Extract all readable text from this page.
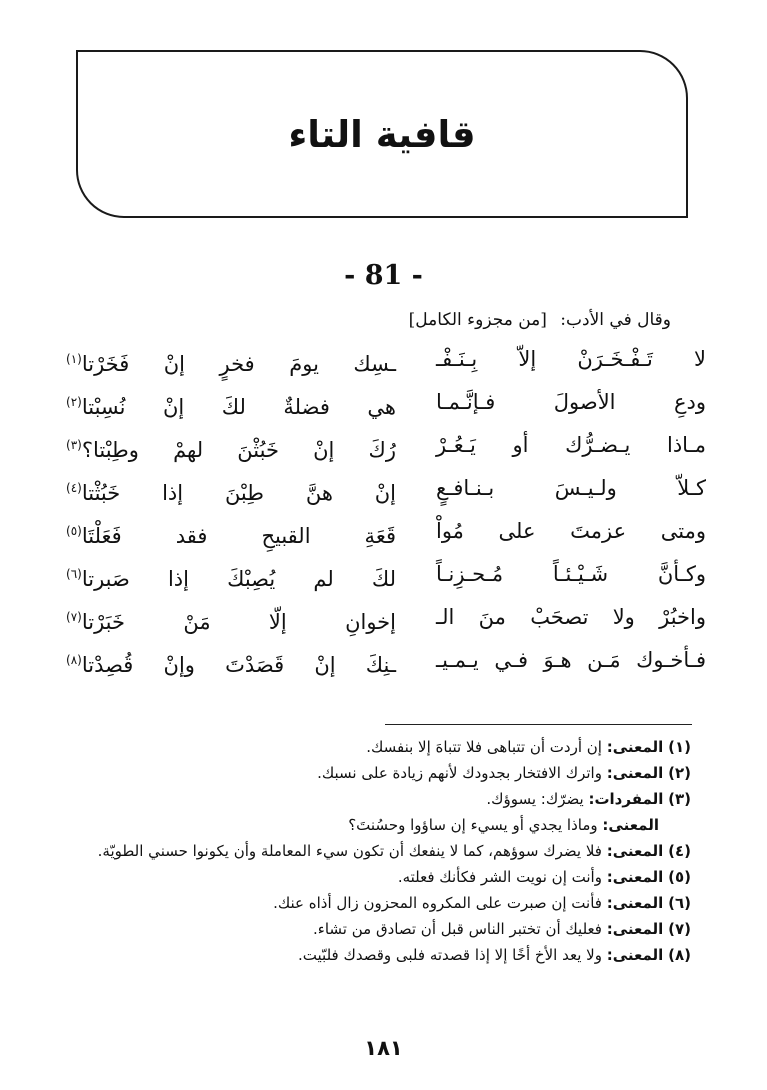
قافية التاء
- 81 -
وقال في الأدب: [من مجزوء الكامل]
لا تَـفْـخَـرَنْ إلاّ بِـنَـفْـ
ـسِك يومَ فخرٍ إنْ فَخَرْتا$^{(١)}$
ودعِ الأصولَ فـإنَّـمـا
هي فضلةٌ لكَ إنْ نُسِبْتا$^{(٢)}$
مـاذا يـضـرُّك أو يَـعُـرْ
رُكَ إنْ خَبُثْنَ لهمْ وطِبْتا؟$^{(٣)}$
كـلاّ ولـيـسَ بـنـافـعٍ
إنْ هنَّ طِبْنَ إذا خَبُثْتا$^{(٤)}$
ومتى عزمتَ على مُواْ
قَعَةِ القبيحِ فقد فَعَلْتَا$^{(٥)}$
وكـأنَّ شَـيْـئـاً مُـحـزِنـاً
لكَ لم يُصِبْكَ إذا صَبرتا$^{(٦)}$
واخبُرْ ولا تصحَبْ منَ الـ
إخوانِ إلّا مَنْ خَبَرْتا$^{(٧)}$
فـأخـوك مَـن هـوَ فـي يـمـيـ
ـنِكَ إنْ قَصَدْتَ وإنْ قُصِدْتا$^{(٨)}$
(١) المعنى: إن أردت أن تتباهى فلا تتباهَ إلا بنفسك.
(٢) المعنى: واترك الافتخار بجدودك لأنهم زيادة على نسبك.
(٣) المفردات: يضرّك: يسوؤك.
المعنى: وماذا يجدي أو يسيء إن ساؤوا وحسُنتَ؟
(٤) المعنى: فلا يضرك سوؤهم، كما لا ينفعك أن تكون سيء المعاملة وأن يكونوا حسني الطويّة.
(٥) المعنى: وأنت إن نويت الشر فكأنك فعلته.
(٦) المعنى: فأنت إن صبرت على المكروه المحزون زال أذاه عنك.
(٧) المعنى: فعليك أن تختبر الناس قبل أن تصادق من تشاء.
(٨) المعنى: ولا يعد الأخ أخًا إلا إذا قصدته فلبى وقصدك فلبّيت.
١٨١
